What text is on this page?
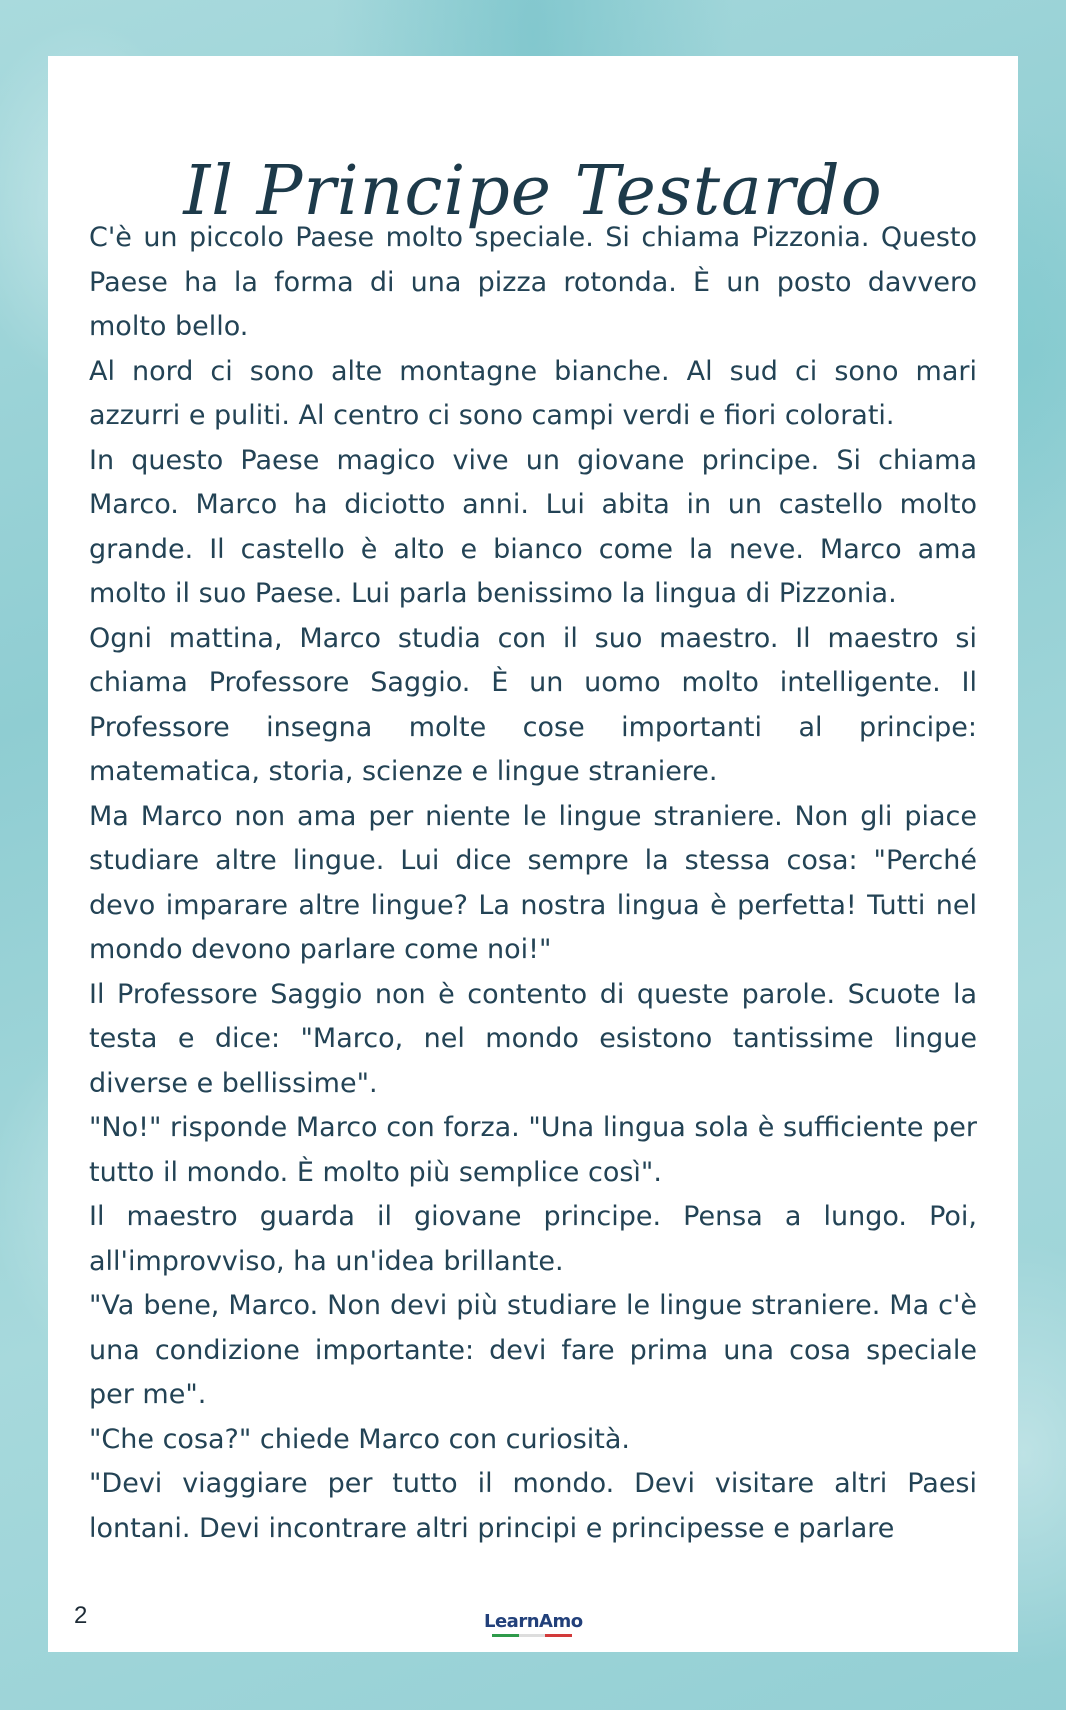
Il Principe Testardo

C'è un piccolo Paese molto speciale. Si chiama Pizzonia. Questo Paese ha la forma di una pizza rotonda. È un posto davvero molto bello.

Al nord ci sono alte montagne bianche. Al sud ci sono mari azzurri e puliti. Al centro ci sono campi verdi e fiori colorati.

In questo Paese magico vive un giovane principe. Si chiama Marco. Marco ha diciotto anni. Lui abita in un castello molto grande. Il castello è alto e bianco come la neve. Marco ama molto il suo Paese. Lui parla benissimo la lingua di Pizzonia.

Ogni mattina, Marco studia con il suo maestro. Il maestro si chiama Professore Saggio. È un uomo molto intelligente. Il Professore insegna molte cose importanti al principe: matematica, storia, scienze e lingue straniere.

Ma Marco non ama per niente le lingue straniere. Non gli piace studiare altre lingue. Lui dice sempre la stessa cosa: "Perché devo imparare altre lingue? La nostra lingua è perfetta! Tutti nel mondo devono parlare come noi!"

Il Professore Saggio non è contento di queste parole. Scuote la testa e dice: "Marco, nel mondo esistono tantissime lingue diverse e bellissime".

"No!" risponde Marco con forza. "Una lingua sola è sufficiente per tutto il mondo. È molto più semplice così".

Il maestro guarda il giovane principe. Pensa a lungo. Poi, all'improvviso, ha un'idea brillante.

"Va bene, Marco. Non devi più studiare le lingue straniere. Ma c'è una condizione importante: devi fare prima una cosa speciale per me".

"Che cosa?" chiede Marco con curiosità.

"Devi viaggiare per tutto il mondo. Devi visitare altri Paesi lontani. Devi incontrare altri principi e principesse e parlare

2	LearnAmo
